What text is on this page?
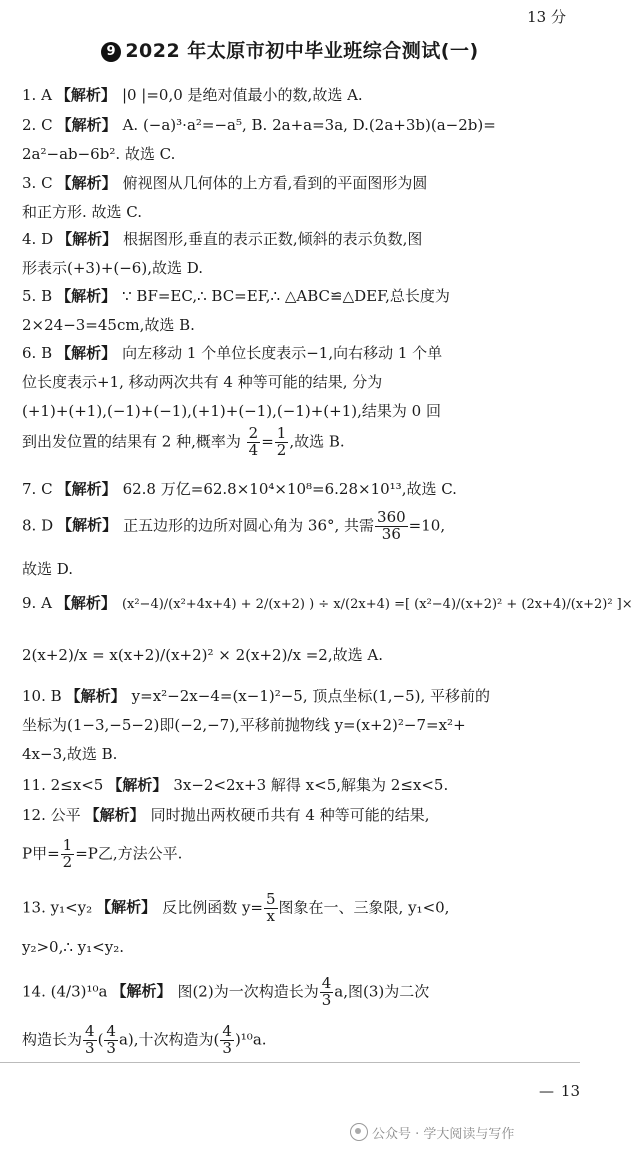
13 分
9 2022 年太原市初中毕业班综合测试(一)
1. A 【解析】 |0 |=0,0 是绝对值最小的数,故选 A.
2. C 【解析】 A. (−a)³·a²=−a⁵, B. 2a+a=3a, D.(2a+3b)(a−2b)=
2a²−ab−6b². 故选 C.
3. C 【解析】 俯视图从几何体的上方看,看到的平面图形为圆
和正方形. 故选 C.
4. D 【解析】 根据图形,垂直的表示正数,倾斜的表示负数,图
形表示(+3)+(−6),故选 D.
5. B 【解析】 ∵ BF=EC,∴ BC=EF,∴ △ABC≌△DEF,总长度为
2×24−3=45cm,故选 B.
6. B 【解析】 向左移动 1 个单位长度表示−1,向右移动 1 个单
位长度表示+1, 移动两次共有 4 种等可能的结果, 分为
(+1)+(+1),(−1)+(−1),(+1)+(−1),(−1)+(+1),结果为 0 回
到出发位置的结果有 2 种,概率为 $\frac{2}{4} = \frac{1}{2}$ ,故选 B.
7. C 【解析】 62.8 万亿=62.8×10⁴×10⁸=6.28×10¹³,故选 C.
8. D 【解析】 正五边形的边所对圆心角为 36°, 共需 $\frac{360}{36} =10$,
故选 D.
9. A 【解析】 (x²−4)/(x²+4x+4) + 2/(x+2) ) ÷ x/(2x+4) =[ (x²−4)/(x+2)² + (2x+4)/(x+2)² ]×
2(x+2)/x = x(x+2)/(x+2)² × 2(x+2)/x =2,故选 A.
10. B 【解析】 y=x²−2x−4=(x−1)²−5, 顶点坐标(1,−5), 平移前的
坐标为(1−3,−5−2)即(−2,−7),平移前抛物线 y=(x+2)²−7=x²+
4x−3,故选 B.
11. 2≤x<5 【解析】 3x−2<2x+3 解得 x<5,解集为 2≤x<5.
12. 公平 【解析】 同时抛出两枚硬币共有 4 种等可能的结果,
P甲= $\frac{1}{2} =P$乙,方法公平.
13. y₁<y₂ 【解析】 反比例函数 $y= \frac{5}{x}$ 图象在一、三象限, y₁<0,
y₂>0,∴ y₁<y₂.
14. (4/3)¹⁰a 【解析】 图(2)为一次构造长为 $\frac{4}{3} a$,图(3)为二次
构造长为 $\frac{4}{3}$ ( $\frac{4}{3} a$),十次构造为( $\frac{4}{3} )^{10}a$.
— 13
公众号 · 学大阅读与写作
